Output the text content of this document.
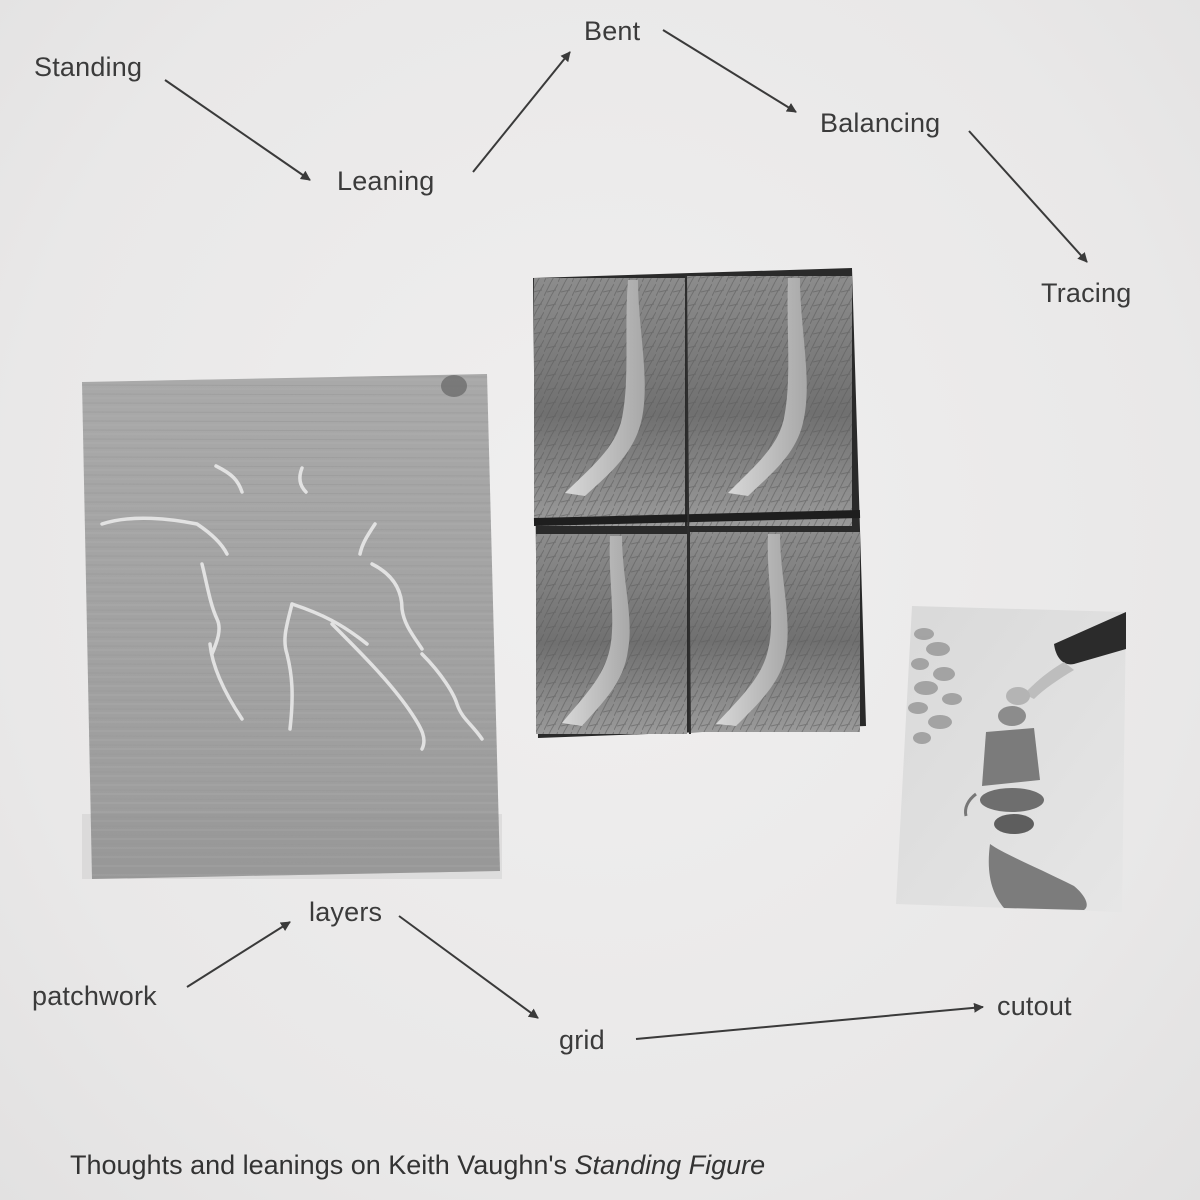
Standing
Leaning
Bent
Balancing
Tracing
patchwork
layers
grid
cutout
Thoughts and leanings on Keith Vaughn's Standing Figure
